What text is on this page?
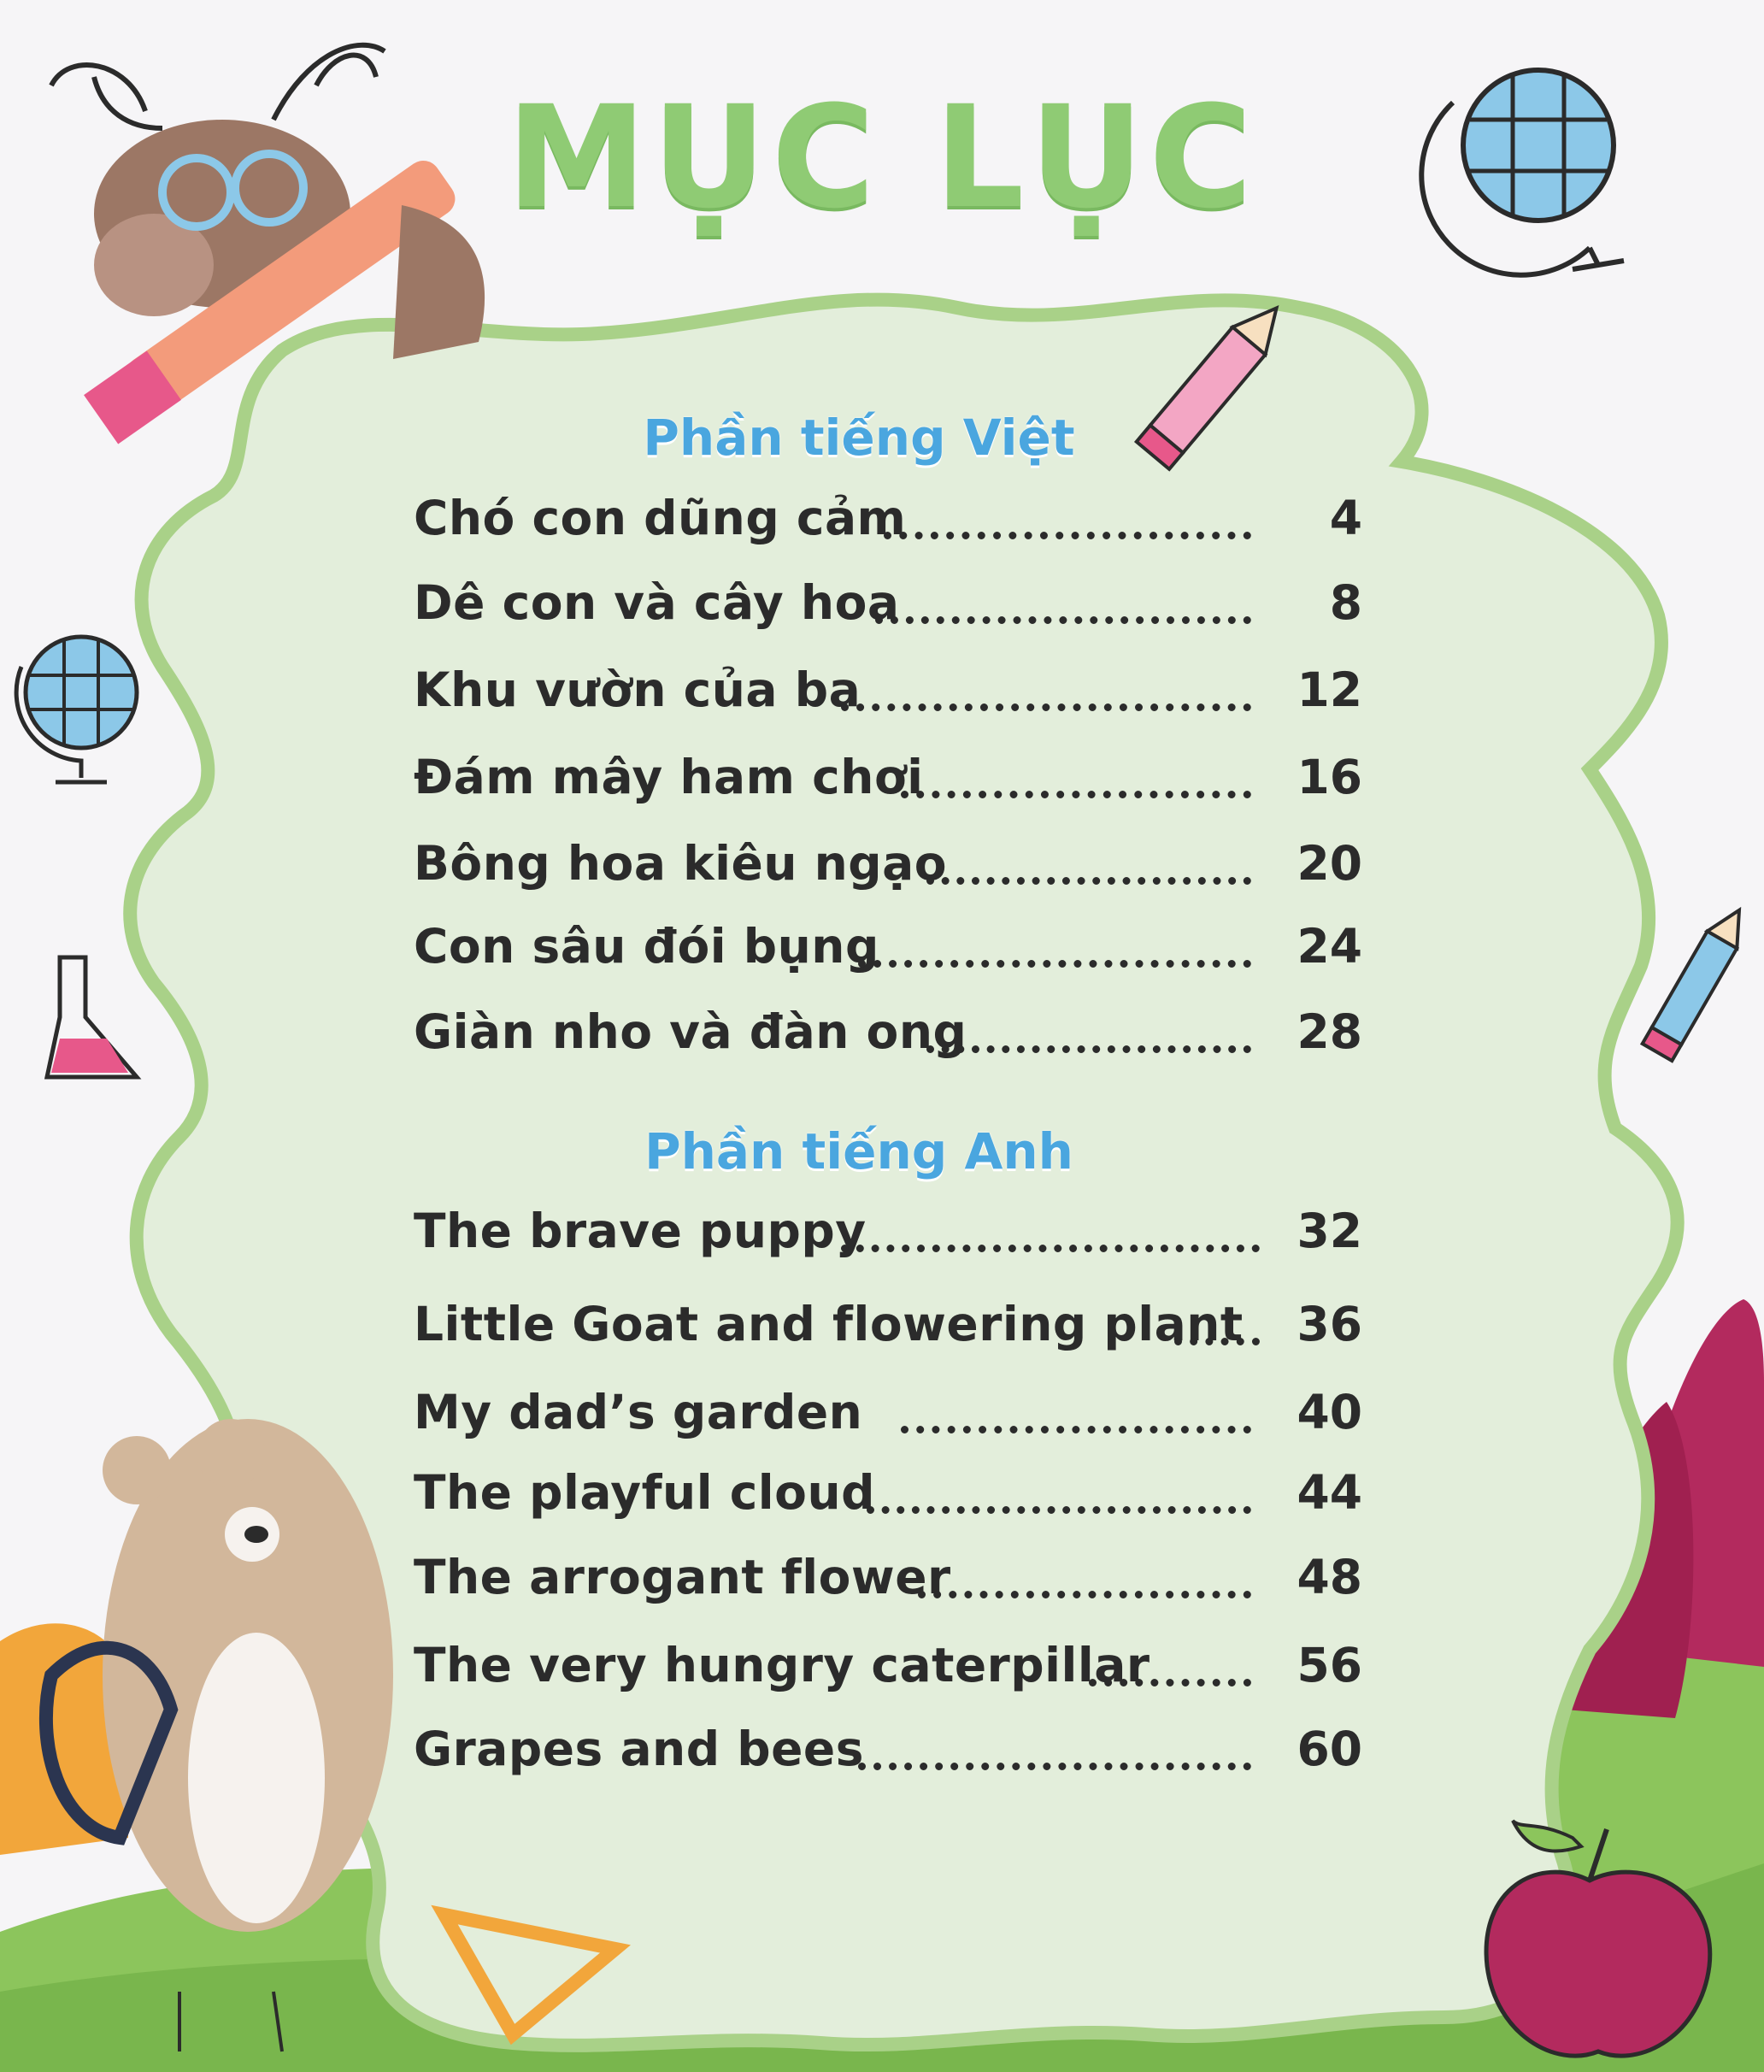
MỤC LỤC
Phần tiếng Việt
Chó con dũng cảm	4
Dê con và cây hoa	8
Khu vườn của ba	12
Đám mây ham chơi	16
Bông hoa kiêu ngạo	20
Con sâu đói bụng	24
Giàn nho và đàn ong	28
Phần tiếng Anh
The brave puppy	32
Little Goat and flowering plant	36
My dad’s garden	40
The playful cloud	44
The arrogant flower	48
The very hungry caterpillar	56
Grapes and bees	60
